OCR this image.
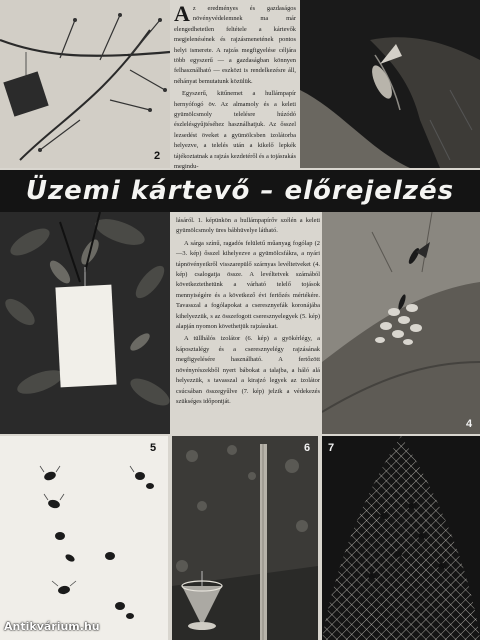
2

Az eredményes és gazdaságos növényvédelemnek ma már elengedhetetlen feltétele a kártevők megjelenésének és rajzásmenetének pontos helyi ismerete. A rajzás megfigyelése céljára több egyszerű — a gazdaságban könnyen felhasználható — eszközt is rendelkezésre áll, néhányat bemutatunk közülük.

Egyszerű, kitűnemet a hullámpapír hernyófogó öv. Az almamoly és a keleti gyümölcsmoly telelésre húzódó észlelésgyűjtéséhez használhatjuk. Az ősszel lezsedést öveket a gyümölcsben izolátorba helyezve, a telelés után a kikelő lepkék tájékoztatnak a rajzás kezdetéről és a tojásrakás megindu-

Üzemi kártevő – előrejelzés

lásáról. 1. képünkön a hullámpapírőv szélén a keleti gyümölcsmoly üres bábhüvelye látható.

A sárga színű, ragadós felületű műanyag fogólap (2—3. kép) ősszel kihelyezve a gyümölcsfákra, a nyári tápnövényeikről visszarepülő szárnyas levéltetveket (4. kép) csalogatja össze. A levéltetvek számából következtethetünk a várható telelő tojások mennyiségére és a következő évi fertőzés mértékére. Tavasszal a fogólapokat a cseresznyefák koronájába kihelyezzük, s az összefogott cseresznyelegyek (5. kép) alapján nyomon követhetjük rajzásukat.

A tüllhálós izolátor (6. kép) a gyökérlégy, a káposztalégy és a cseresznyelégy rajzásának megfigyelésére használható. A fertőzött növényrészekből nyert bábokat a talajba, a háló alá helyezzük, s tavasszal a kirajzó legyek az izolátor csúcsában összegyűlve (7. kép) jelzik a védekezés szükséges időpontját.

4
5	6 7
Antikvárium.hu
